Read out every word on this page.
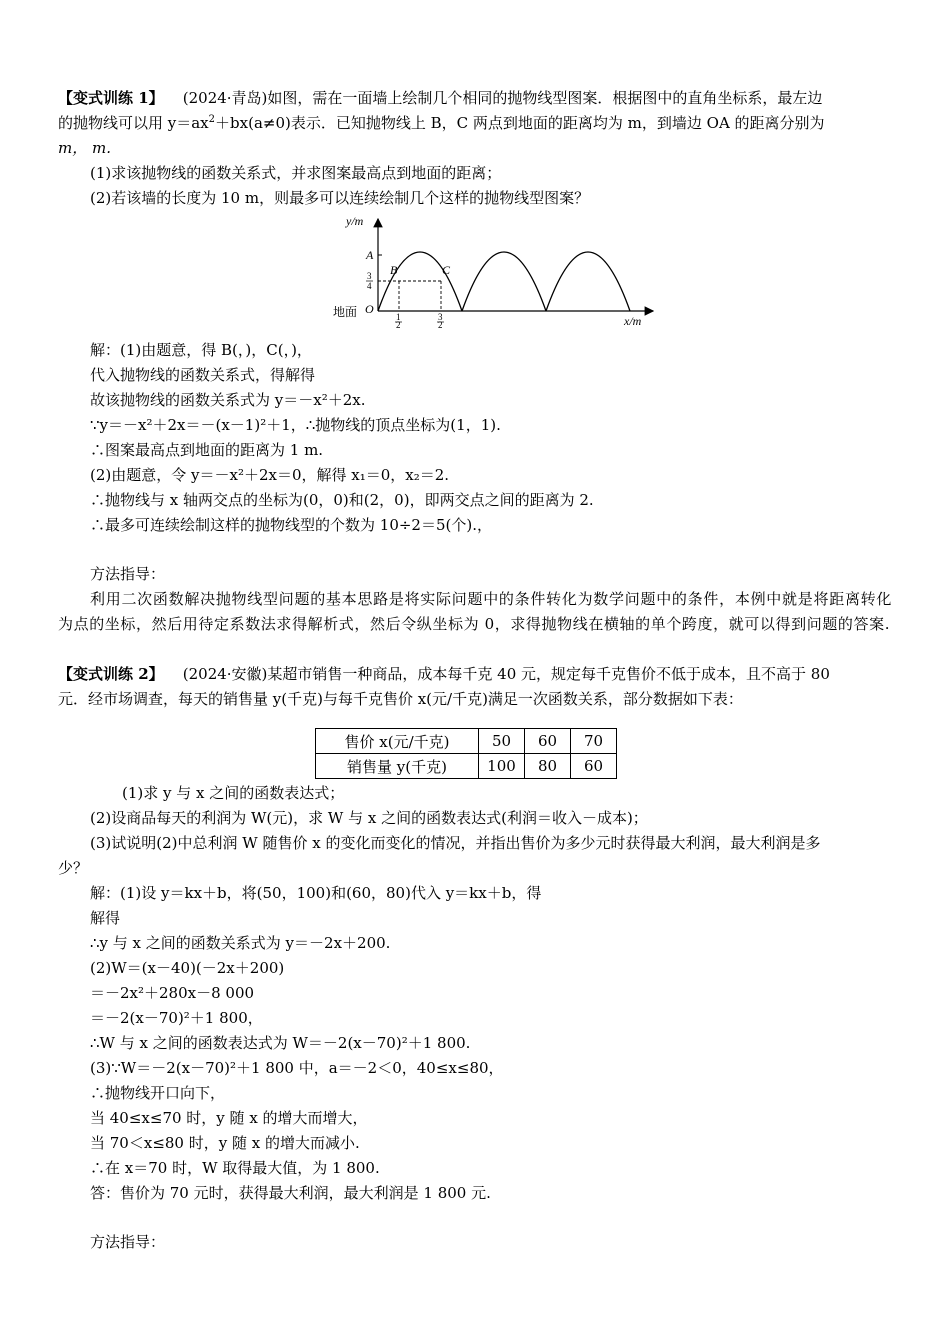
【变式训练 1】 (2024·青岛)如图，需在一面墙上绘制几个相同的抛物线型图案．根据图中的直角坐标系，最左边

的抛物线可以用 $y=ax^2+bx(a\ne 0)$表示．已知抛物线上 B，C 两点到地面的距离均为 m，到墙边 OA 的距离分别为

m， m.

(1)求该抛物线的函数关系式，并求图案最高点到地面的距离；

(2)若该墙的长度为 10 m，则最多可以连续绘制几个这样的抛物线型图案？

y/m
x/m
地面 O
A
B	C
3
4
1
2
3
2

解：(1)由题意，得 B(，)，C(，)，

代入抛物线的函数关系式，得解得

故该抛物线的函数关系式为 y＝－x²＋2x.

∵y＝－x²＋2x＝－(x－1)²＋1，∴抛物线的顶点坐标为(1，1).

∴图案最高点到地面的距离为 1 m.

(2)由题意，令 y＝－x²＋2x＝0，解得 x₁＝0，x₂＝2.

∴抛物线与 x 轴两交点的坐标为(0，0)和(2，0)，即两交点之间的距离为 2.

∴最多可连续绘制这样的抛物线型的个数为 10÷2＝5(个).，

方法指导：

利用二次函数解决抛物线型问题的基本思路是将实际问题中的条件转化为数学问题中的条件，本例中就是将距离转化为点的坐标，然后用待定系数法求得解析式，然后令纵坐标为 0，求得抛物线在横轴的单个跨度，就可以得到问题的答案.

【变式训练 2】 (2024·安徽)某超市销售一种商品，成本每千克 40 元，规定每千克售价不低于成本，且不高于 80

元．经市场调查，每天的销售量 y(千克)与每千克售价 x(元/千克)满足一次函数关系，部分数据如下表：

售价 x(元/千克)	50	60	70
销售量 y(千克)	100	80	60

(1)求 y 与 x 之间的函数表达式；

(2)设商品每天的利润为 W(元)，求 W 与 x 之间的函数表达式(利润＝收入－成本)；

(3)试说明(2)中总利润 W 随售价 x 的变化而变化的情况，并指出售价为多少元时获得最大利润，最大利润是多

少？

解：(1)设 y＝kx＋b，将(50，100)和(60，80)代入 y＝kx＋b，得

解得

∴y 与 x 之间的函数关系式为 y＝－2x＋200.

(2)W＝(x－40)(－2x＋200)

＝－2x²＋280x－8 000

＝－2(x－70)²＋1 800，

∴W 与 x 之间的函数表达式为 W＝－2(x－70)²＋1 800.

(3)∵W＝－2(x－70)²＋1 800 中，a＝－2＜0，40≤x≤80，

∴抛物线开口向下，

当 40≤x≤70 时，y 随 x 的增大而增大，

当 70＜x≤80 时，y 随 x 的增大而减小.

∴在 x＝70 时，W 取得最大值，为 1 800.

答：售价为 70 元时，获得最大利润，最大利润是 1 800 元.

方法指导：
